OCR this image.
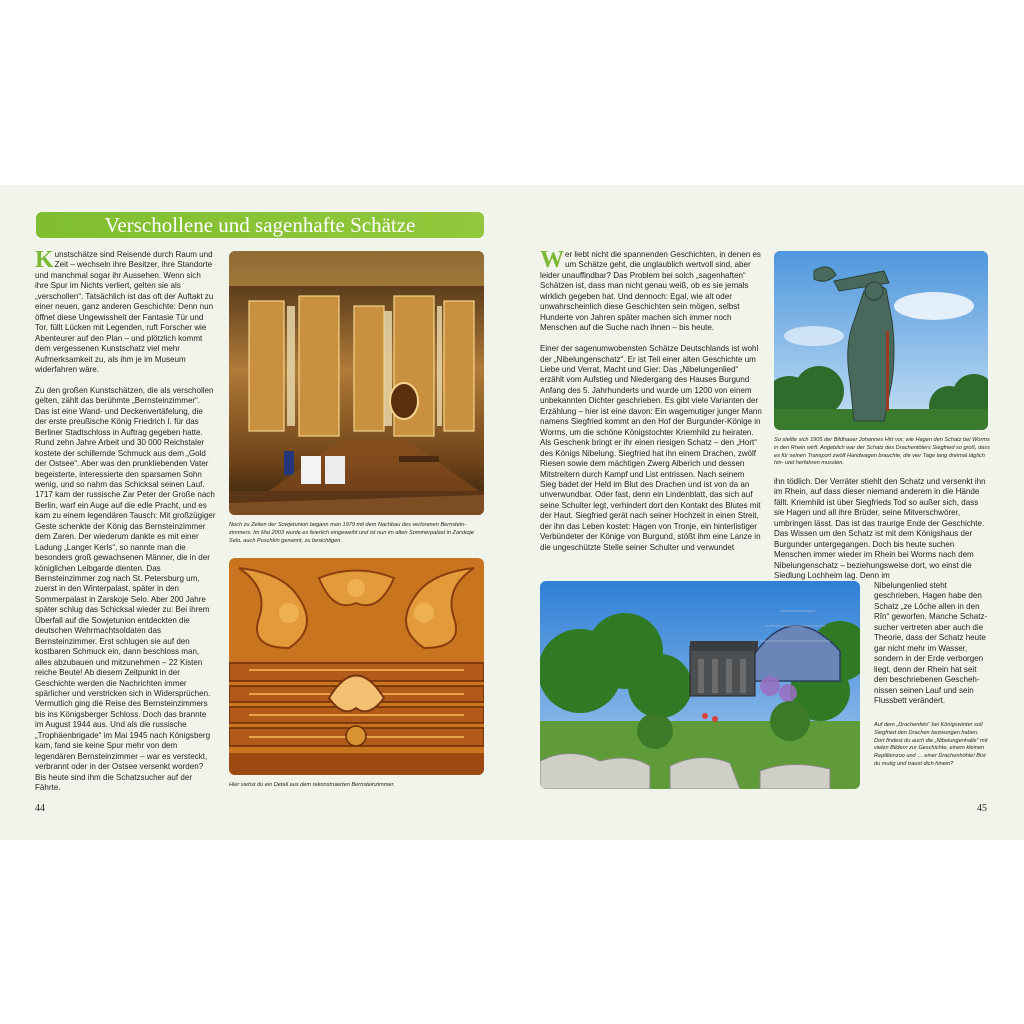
Verschollene und sagenhafte Schätze

Kunstschätze sind Reisende durch Raum und Zeit – wechseln ihre Besitzer, ihre Standorte und manchmal sogar ihr Aussehen. Wenn sich ihre Spur im Nichts verliert, gelten sie als „verschollen“. Tatsächlich ist das oft der Auftakt zu einer neuen, ganz anderen Geschichte: Denn nun öffnet diese Ungewissheit der Fantasie Tür und Tor, füllt Lücken mit Legenden, ruft Forscher wie Abenteurer auf den Plan – und plötzlich kommt dem vergessenen Kunstschatz viel mehr Aufmerksamkeit zu, als ihm je im Museum widerfahren wäre.

Zu den großen Kunstschätzen, die als verschollen gelten, zählt das berühmte „Bernsteinzimmer“. Das ist eine Wand- und Deckenvertäfelung, die der erste preußische König Friedrich I. für das Berliner Stadtschloss in Auftrag gegeben hatte. Rund zehn Jahre Arbeit und 30 000 Reichstaler kostete der schillernde Schmuck aus dem „Gold der Ostsee“. Aber was den prunkliebenden Vater begeisterte, interessierte den sparsamen Sohn wenig, und so nahm das Schicksal seinen Lauf. 1717 kam der russische Zar Peter der Große nach Berlin, warf ein Auge auf die edle Pracht, und es kam zu einem legendären Tausch: Mit großzügiger Geste schenkte der König das Bernsteinzimmer dem Zaren. Der wiederum dankte es mit einer Ladung „Langer Kerls“, so nannte man die besonders groß gewachsenen Männer, die in der königlichen Leibgarde dienten. Das Bernsteinzimmer zog nach St. Petersburg um, zuerst in den Winterpalast, später in den Sommerpalast in Zarskoje Selo. Aber 200 Jahre später schlug das Schicksal wieder zu: Bei ihrem Überfall auf die Sowjetunion entdeckten die deutschen Wehrmachtsoldaten das Bernsteinzimmer. Erst schlugen sie auf den kostbaren Schmuck ein, dann beschloss man, alles abzubauen und mitzunehmen – 22 Kisten reiche Beute! Ab diesem Zeitpunkt in der Geschichte werden die Nachrichten immer spärlicher und verstricken sich in Widersprüchen. Vermutlich ging die Reise des Bernsteinzimmers bis ins Königsberger Schloss. Doch das brannte im August 1944 aus. Und als die russische „Trophäenbrigade“ im Mai 1945 nach Königsberg kam, fand sie keine Spur mehr von dem legendären Bernsteinzimmer – war es versteckt, verbrannt oder in der Ostsee versenkt worden? Bis heute sind ihm die Schatzsucher auf der Fährte.

Noch zu Zeiten der Sowjetunion begann man 1979 mit dem Nachbau des verlorenen Bernsteinzimmers. Im Mai 2003 wurde es feierlich eingeweiht und ist nun im alten Sommerpalast in Zarskoje Selo, auch Puschkin genannt, zu besichtigen.

Hier siehst du ein Detail aus dem rekonstruierten Bernsteinzimmer.

Wer liebt nicht die spannenden Geschichten, in denen es um Schätze geht, die unglaublich wertvoll sind, aber leider unauffindbar? Das Problem bei solch „sagenhaften“ Schätzen ist, dass man nicht genau weiß, ob es sie jemals wirklich gegeben hat. Und dennoch: Egal, wie alt oder unwahrscheinlich diese Geschichten sein mögen, selbst Hunderte von Jahren später machen sich immer noch Menschen auf die Suche nach ihnen – bis heute.

Einer der sagenumwobensten Schätze Deutschlands ist wohl der „Nibelungenschatz“. Er ist Teil einer alten Geschichte um Liebe und Verrat, Macht und Gier: Das „Nibelungenlied“ erzählt vom Aufstieg und Niedergang des Hauses Burgund Anfang des 5. Jahrhunderts und wurde um 1200 von einem unbekannten Dichter geschrieben. Es gibt viele Varianten der Erzählung – hier ist eine davon: Ein wagemutiger junger Mann namens Siegfried kommt an den Hof der Burgunder-Könige in Worms, um die schöne Königstochter Kriemhild zu heiraten. Als Geschenk bringt er ihr einen riesigen Schatz – den „Hort“ des Königs Nibelung. Siegfried hat ihn einem Drachen, zwölf Riesen sowie dem mächtigen Zwerg Alberich und dessen Mitstreitern durch Kampf und List entrissen. Nach seinem Sieg badet der Held im Blut des Drachen und ist von da an unverwundbar. Oder fast, denn ein Lindenblatt, das sich auf seine Schulter legt, verhindert dort den Kontakt des Blutes mit der Haut. Siegfried gerät nach seiner Hochzeit in einen Streit, der ihn das Leben kostet: Hagen von Tronje, ein hinterlistiger Verbündeter der Könige von Burgund, stößt ihm eine Lanze in die ungeschützte Stelle seiner Schulter und verwundet

So stellte sich 1905 der Bildhauer Johannes Hirt vor, wie Hagen den Schatz bei Worms in den Rhein wirft. Angeblich war der Schatz des Drachentöters Siegfried so groß, dass es für seinen Transport zwölf Handwagen brauchte, die vier Tage lang dreimal täglich hin- und herfahren mussten.

ihn tödlich. Der Verräter stiehlt den Schatz und versenkt ihn im Rhein, auf dass dieser niemand anderem in die Hände fällt. Kriemhild ist über Siegfrieds Tod so außer sich, dass sie Hagen und all ihre Brüder, seine Mitverschwörer, umbringen lässt. Das ist das traurige Ende der Geschichte. Das Wissen um den Schatz ist mit dem Königshaus der Burgunder untergegangen. Doch bis heute suchen Menschen immer wieder im Rhein bei Worms nach dem Nibelungenschatz – beziehungsweise dort, wo einst die Siedlung Lochheim lag. Denn im

Nibelungenlied steht geschrieben, Hagen habe den Schatz „ze Lôche allen in den Rîn“ geworfen. Manche Schatzsucher vertreten aber auch die Theorie, dass der Schatz heute gar nicht mehr im Wasser, sondern in der Erde verborgen liegt, denn der Rhein hat seit den beschriebenen Geschehnissen seinen Lauf und sein Flussbett verändert.

Auf dem „Drachenfels“ bei Königswinter soll Siegfried den Drachen bezwungen haben. Dort findest du auch die „Nibelungenhalle“ mit vielen Bildern zur Geschichte, einem kleinen Reptilienzoo und … einer Drachenhöhle! Bist du mutig und traust dich hinein?

44	45
